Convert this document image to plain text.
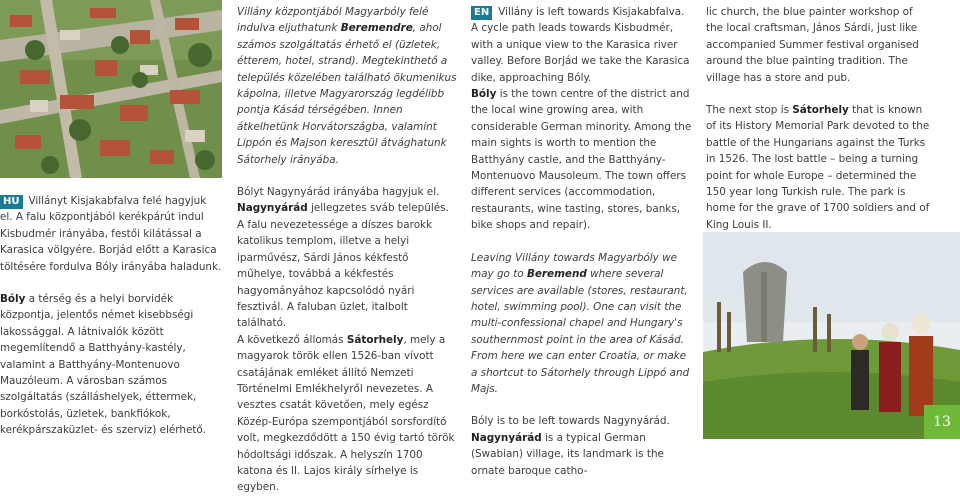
HU Villányt Kisjakabfalva felé hagyjuk el. A falu központjából kerékpárút indul Kisbudmér irányába, festői kilátással a Karasica völgyére. Borjád előtt a Karasica töltésére fordulva Bóly irányába haladunk.

Bóly a térség és a helyi borvidék központja, jelentős német kisebbségi lakossággal. A látnivalók között megemlítendő a Batthyány-kastély, valamint a Batthyány-Montenuovo Mauzóleum. A városban számos szolgáltatás (szálláshelyek, éttermek, borkóstolás, üzletek, bankfiókok, kerékpárszaküzlet- és szerviz) elérhető.

Villány központjából Magyarbóly felé indulva eljuthatunk Beremendre, ahol számos szolgáltatás érhető el (üzletek, étterem, hotel, strand). Megtekinthető a település közelében található ökumenikus kápolna, illetve Magyarország legdélibb pontja Kásád térségében. Innen átkelhetünk Horvátországba, valamint Lippón és Majson keresztül átvághatunk Sátorhely irányába.

Bólyt Nagynyárád irányába hagyjuk el.

Nagynyárád jellegzetes sváb település. A falu nevezetessége a díszes barokk katolikus templom, illetve a helyi iparművész, Sárdi János kékfestő műhelye, továbbá a kékfestés hagyományához kapcsolódó nyári fesztivál. A faluban üzlet, italbolt található.

A következő állomás Sátorhely, mely a magyarok török ellen 1526-ban vívott csatájának emléket állító Nemzeti Történelmi Emlékhelyről nevezetes. A vesztes csatát követően, mely egész Közép-Európa szempontjából sorsfordító volt, megkezdődött a 150 évig tartó török hódoltsági időszak. A helyszín 1700 katona és II. Lajos király sírhelye is egyben.

EN Villány is left towards Kisjakabfalva. A cycle path leads towards Kisbudmér, with a unique view to the Karasica river valley. Before Borjád we take the Karasica dike, approaching Bóly.

Bóly is the town centre of the district and the local wine growing area, with considerable German minority. Among the main sights is worth to mention the Batthyány castle, and the Batthyány-Montenuovo Mausoleum. The town offers different services (accommodation, restaurants, wine tasting, stores, banks, bike shops and repair).

Leaving Villány towards Magyarbóly we may go to Beremend where several services are available (stores, restaurant, hotel, swimming pool). One can visit the multi-confessional chapel and Hungary's southernmost point in the area of Kásád. From here we can enter Croatia, or make a shortcut to Sátorhely through Lippó and Majs.

Bóly is to be left towards Nagynyárád.

Nagynyárád is a typical German (Swabian) village, its landmark is the ornate baroque catho-

lic church, the blue painter workshop of the local craftsman, János Sárdi, just like accompanied Summer festival organised around the blue painting tradition. The village has a store and pub.

The next stop is Sátorhely that is known of its History Memorial Park devoted to the battle of the Hungarians against the Turks in 1526. The lost battle – being a turning point for whole Europe – determined the 150 year long Turkish rule. The park is home for the grave of 1700 soldiers and of King Louis II.

13
